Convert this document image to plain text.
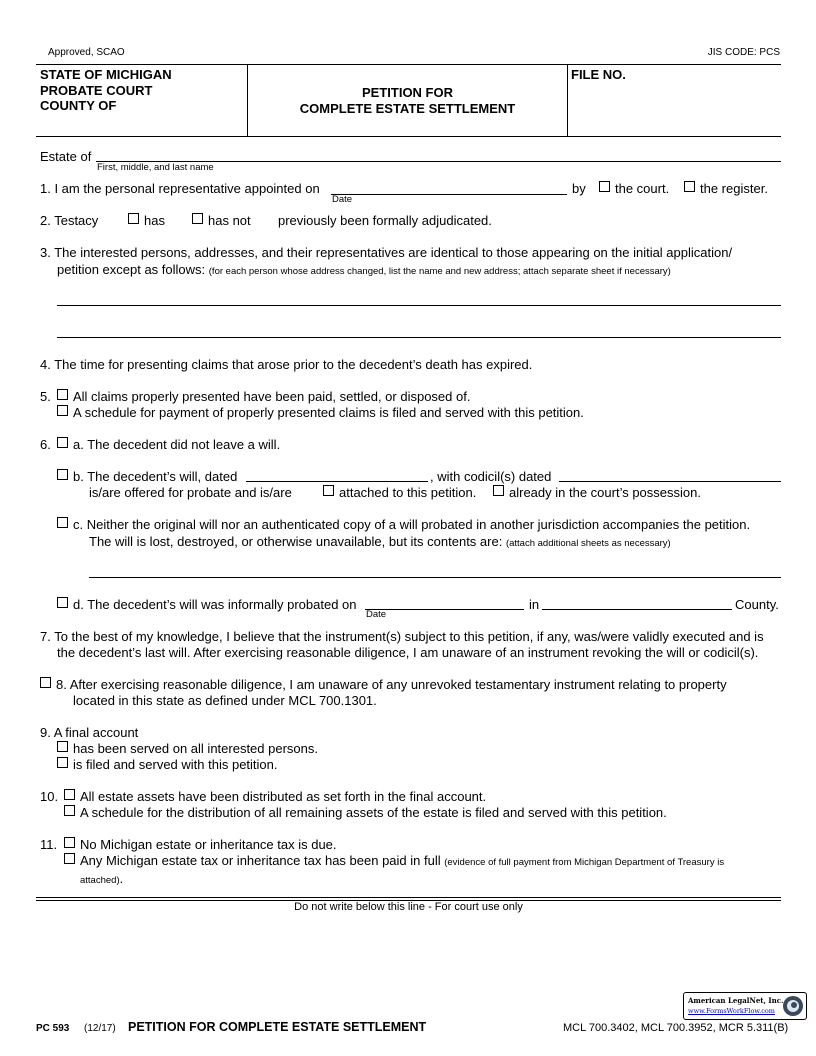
Approved, SCAO	JIS CODE: PCS
STATE OF MICHIGAN
PROBATE COURT
COUNTY OF
PETITION FOR
COMPLETE ESTATE SETTLEMENT
FILE NO.
Estate of
First, middle, and last name
1. I am the personal representative appointed on
Date
by the court. the register.
2. Testacy	has	has not previously been formally adjudicated.
3. The interested persons, addresses, and their representatives are identical to those appearing on the initial application/
petition except as follows: (for each person whose address changed, list the name and new address; attach separate sheet if necessary)
4. The time for presenting claims that arose prior to the decedent’s death has expired.
5. All claims properly presented have been paid, settled, or disposed of.
A schedule for payment of properly presented claims is filed and served with this petition.
6. a. The decedent did not leave a will.
b. The decedent’s will, dated	, with codicil(s) dated
is/are offered for probate and is/are	attached to this petition.	already in the court’s possession.
c. Neither the original will nor an authenticated copy of a will probated in another jurisdiction accompanies the petition.
The will is lost, destroyed, or otherwise unavailable, but its contents are: (attach additional sheets as necessary)
d. The decedent’s will was informally probated on
Date
in	County.
7. To the best of my knowledge, I believe that the instrument(s) subject to this petition, if any, was/were validly executed and is
the decedent’s last will. After exercising reasonable diligence, I am unaware of an instrument revoking the will or codicil(s).
8. After exercising reasonable diligence, I am unaware of any unrevoked testamentary instrument relating to property
located in this state as defined under MCL 700.1301.
9. A final account
has been served on all interested persons.
is filed and served with this petition.
10. All estate assets have been distributed as set forth in the final account.
A schedule for the distribution of all remaining assets of the estate is filed and served with this petition.
11. No Michigan estate or inheritance tax is due.
Any Michigan estate tax or inheritance tax has been paid in full (evidence of full payment from Michigan Department of Treasury is
attached).
Do not write below this line - For court use only
American LegalNet, Inc.
www.FormsWorkFlow.com
PC 593 (12/17) PETITION FOR COMPLETE ESTATE SETTLEMENT	MCL 700.3402, MCL 700.3952, MCR 5.311(B)
